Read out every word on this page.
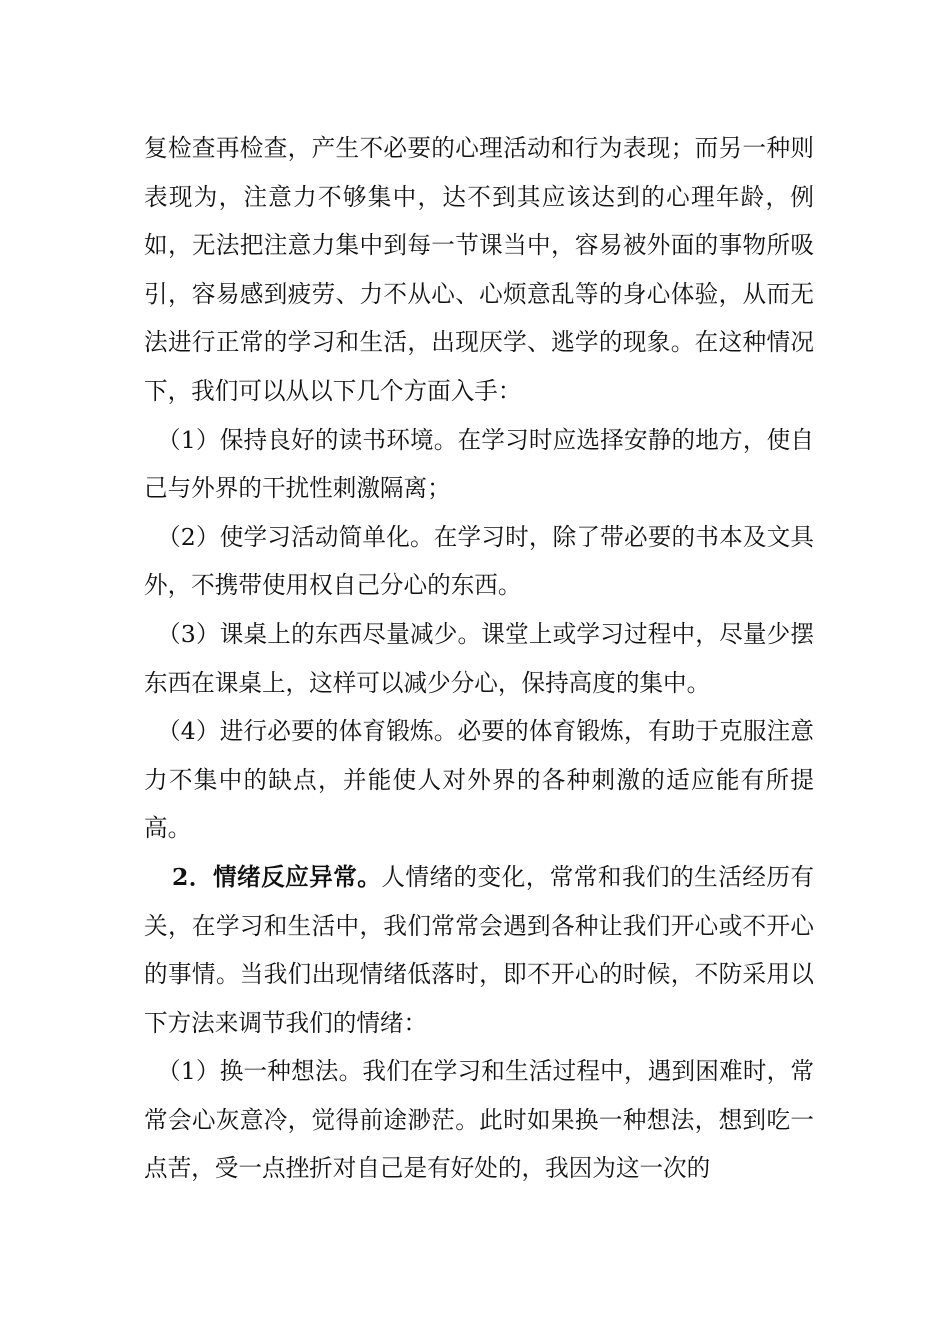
复检查再检查，产生不必要的心理活动和行为表现；而另一种则表现为，注意力不够集中，达不到其应该达到的心理年龄，例如，无法把注意力集中到每一节课当中，容易被外面的事物所吸引，容易感到疲劳、力不从心、心烦意乱等的身心体验，从而无法进行正常的学习和生活，出现厌学、逃学的现象。在这种情况下，我们可以从以下几个方面入手：

（1）保持良好的读书环境。在学习时应选择安静的地方，使自己与外界的干扰性刺激隔离；

（2）使学习活动简单化。在学习时，除了带必要的书本及文具外，不携带使用权自己分心的东西。

（3）课桌上的东西尽量减少。课堂上或学习过程中，尽量少摆东西在课桌上，这样可以减少分心，保持高度的集中。

（4）进行必要的体育锻炼。必要的体育锻炼，有助于克服注意力不集中的缺点，并能使人对外界的各种刺激的适应能有所提高。

2．情绪反应异常。人情绪的变化，常常和我们的生活经历有关，在学习和生活中，我们常常会遇到各种让我们开心或不开心的事情。当我们出现情绪低落时，即不开心的时候，不防采用以下方法来调节我们的情绪：

（1）换一种想法。我们在学习和生活过程中，遇到困难时，常常会心灰意冷，觉得前途渺茫。此时如果换一种想法，想到吃一点苦，受一点挫折对自己是有好处的，我因为这一次的
